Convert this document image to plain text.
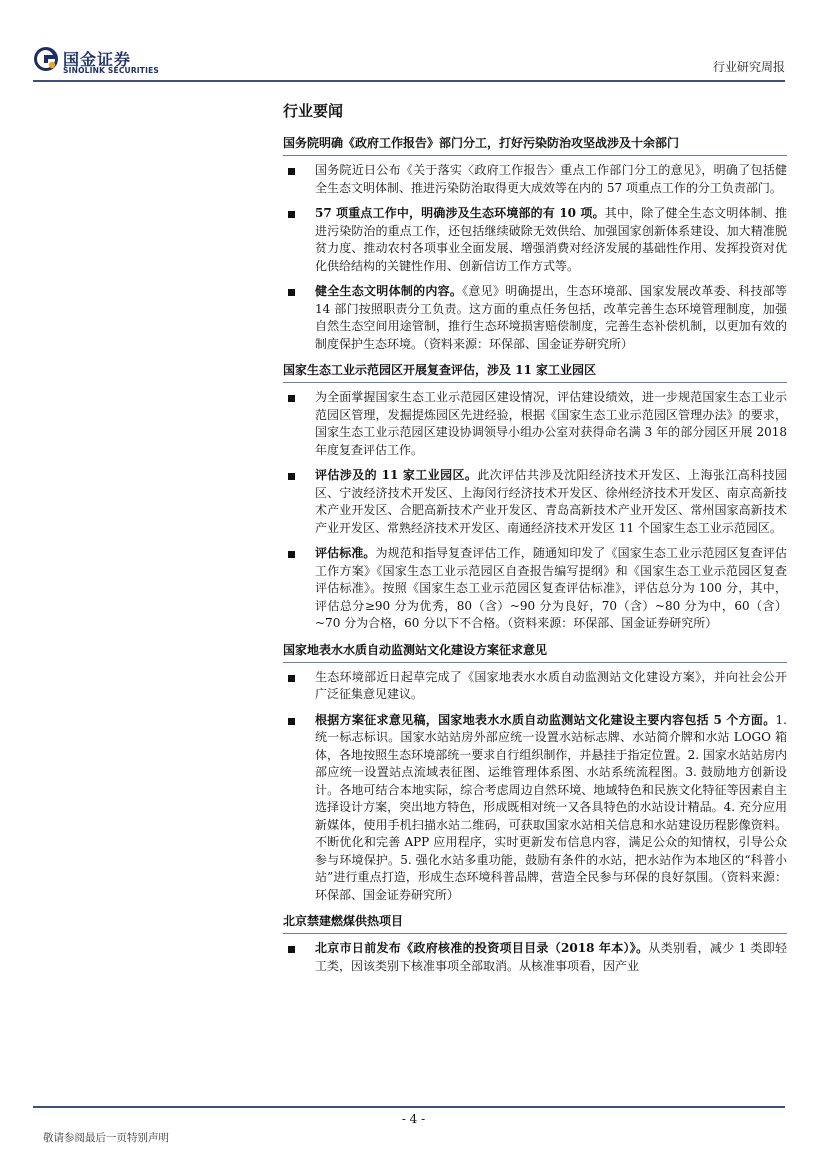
国金证券
SINOLINK SECURITIES	行业研究周报
行业要闻
国务院明确《政府工作报告》部门分工，打好污染防治攻坚战涉及十余部门
国务院近日公布《关于落实〈政府工作报告〉重点工作部门分工的意见》，明确了包括健全生态文明体制、推进污染防治取得更大成效等在内的 57 项重点工作的分工负责部门。
57 项重点工作中，明确涉及生态环境部的有 10 项。其中，除了健全生态文明体制、推进污染防治的重点工作，还包括继续破除无效供给、加强国家创新体系建设、加大精准脱贫力度、推动农村各项事业全面发展、增强消费对经济发展的基础性作用、发挥投资对优化供给结构的关键性作用、创新信访工作方式等。
健全生态文明体制的内容。《意见》明确提出，生态环境部、国家发展改革委、科技部等 14 部门按照职责分工负责。这方面的重点任务包括，改革完善生态环境管理制度，加强自然生态空间用途管制，推行生态环境损害赔偿制度，完善生态补偿机制，以更加有效的制度保护生态环境。（资料来源：环保部、国金证券研究所）
国家生态工业示范园区开展复查评估，涉及 11 家工业园区
为全面掌握国家生态工业示范园区建设情况，评估建设绩效，进一步规范国家生态工业示范园区管理，发掘提炼园区先进经验，根据《国家生态工业示范园区管理办法》的要求，国家生态工业示范园区建设协调领导小组办公室对获得命名满 3 年的部分园区开展 2018 年度复查评估工作。
评估涉及的 11 家工业园区。此次评估共涉及沈阳经济技术开发区、上海张江高科技园区、宁波经济技术开发区、上海闵行经济技术开发区、徐州经济技术开发区、南京高新技术产业开发区、合肥高新技术产业开发区、青岛高新技术产业开发区、常州国家高新技术产业开发区、常熟经济技术开发区、南通经济技术开发区 11 个国家生态工业示范园区。
评估标准。为规范和指导复查评估工作，随通知印发了《国家生态工业示范园区复查评估工作方案》《国家生态工业示范园区自查报告编写提纲》和《国家生态工业示范园区复查评估标准》。按照《国家生态工业示范园区复查评估标准》，评估总分为 100 分，其中，评估总分≥90 分为优秀，80（含）~90 分为良好，70（含）~80 分为中，60（含）~70 分为合格，60 分以下不合格。（资料来源：环保部、国金证券研究所）
国家地表水水质自动监测站文化建设方案征求意见
生态环境部近日起草完成了《国家地表水水质自动监测站文化建设方案》，并向社会公开广泛征集意见建议。
根据方案征求意见稿，国家地表水水质自动监测站文化建设主要内容包括 5 个方面。1. 统一标志标识。国家水站站房外部应统一设置水站标志牌、水站简介牌和水站 LOGO 箱体，各地按照生态环境部统一要求自行组织制作，并悬挂于指定位置。2. 国家水站站房内部应统一设置站点流域表征图、运维管理体系图、水站系统流程图。3. 鼓励地方创新设计。各地可结合本地实际，综合考虑周边自然环境、地域特色和民族文化特征等因素自主选择设计方案，突出地方特色，形成既相对统一又各具特色的水站设计精品。4. 充分应用新媒体，使用手机扫描水站二维码，可获取国家水站相关信息和水站建设历程影像资料。不断优化和完善 APP 应用程序，实时更新发布信息内容，满足公众的知情权，引导公众参与环境保护。5. 强化水站多重功能，鼓励有条件的水站，把水站作为本地区的“科普小站”进行重点打造，形成生态环境科普品牌，营造全民参与环保的良好氛围。（资料来源：环保部、国金证券研究所）
北京禁建燃煤供热项目
北京市日前发布《政府核准的投资项目目录（2018 年本）》。从类别看，减少 1 类即轻工类，因该类别下核准事项全部取消。从核准事项看，因产业
- 4 -
敬请参阅最后一页特别声明
